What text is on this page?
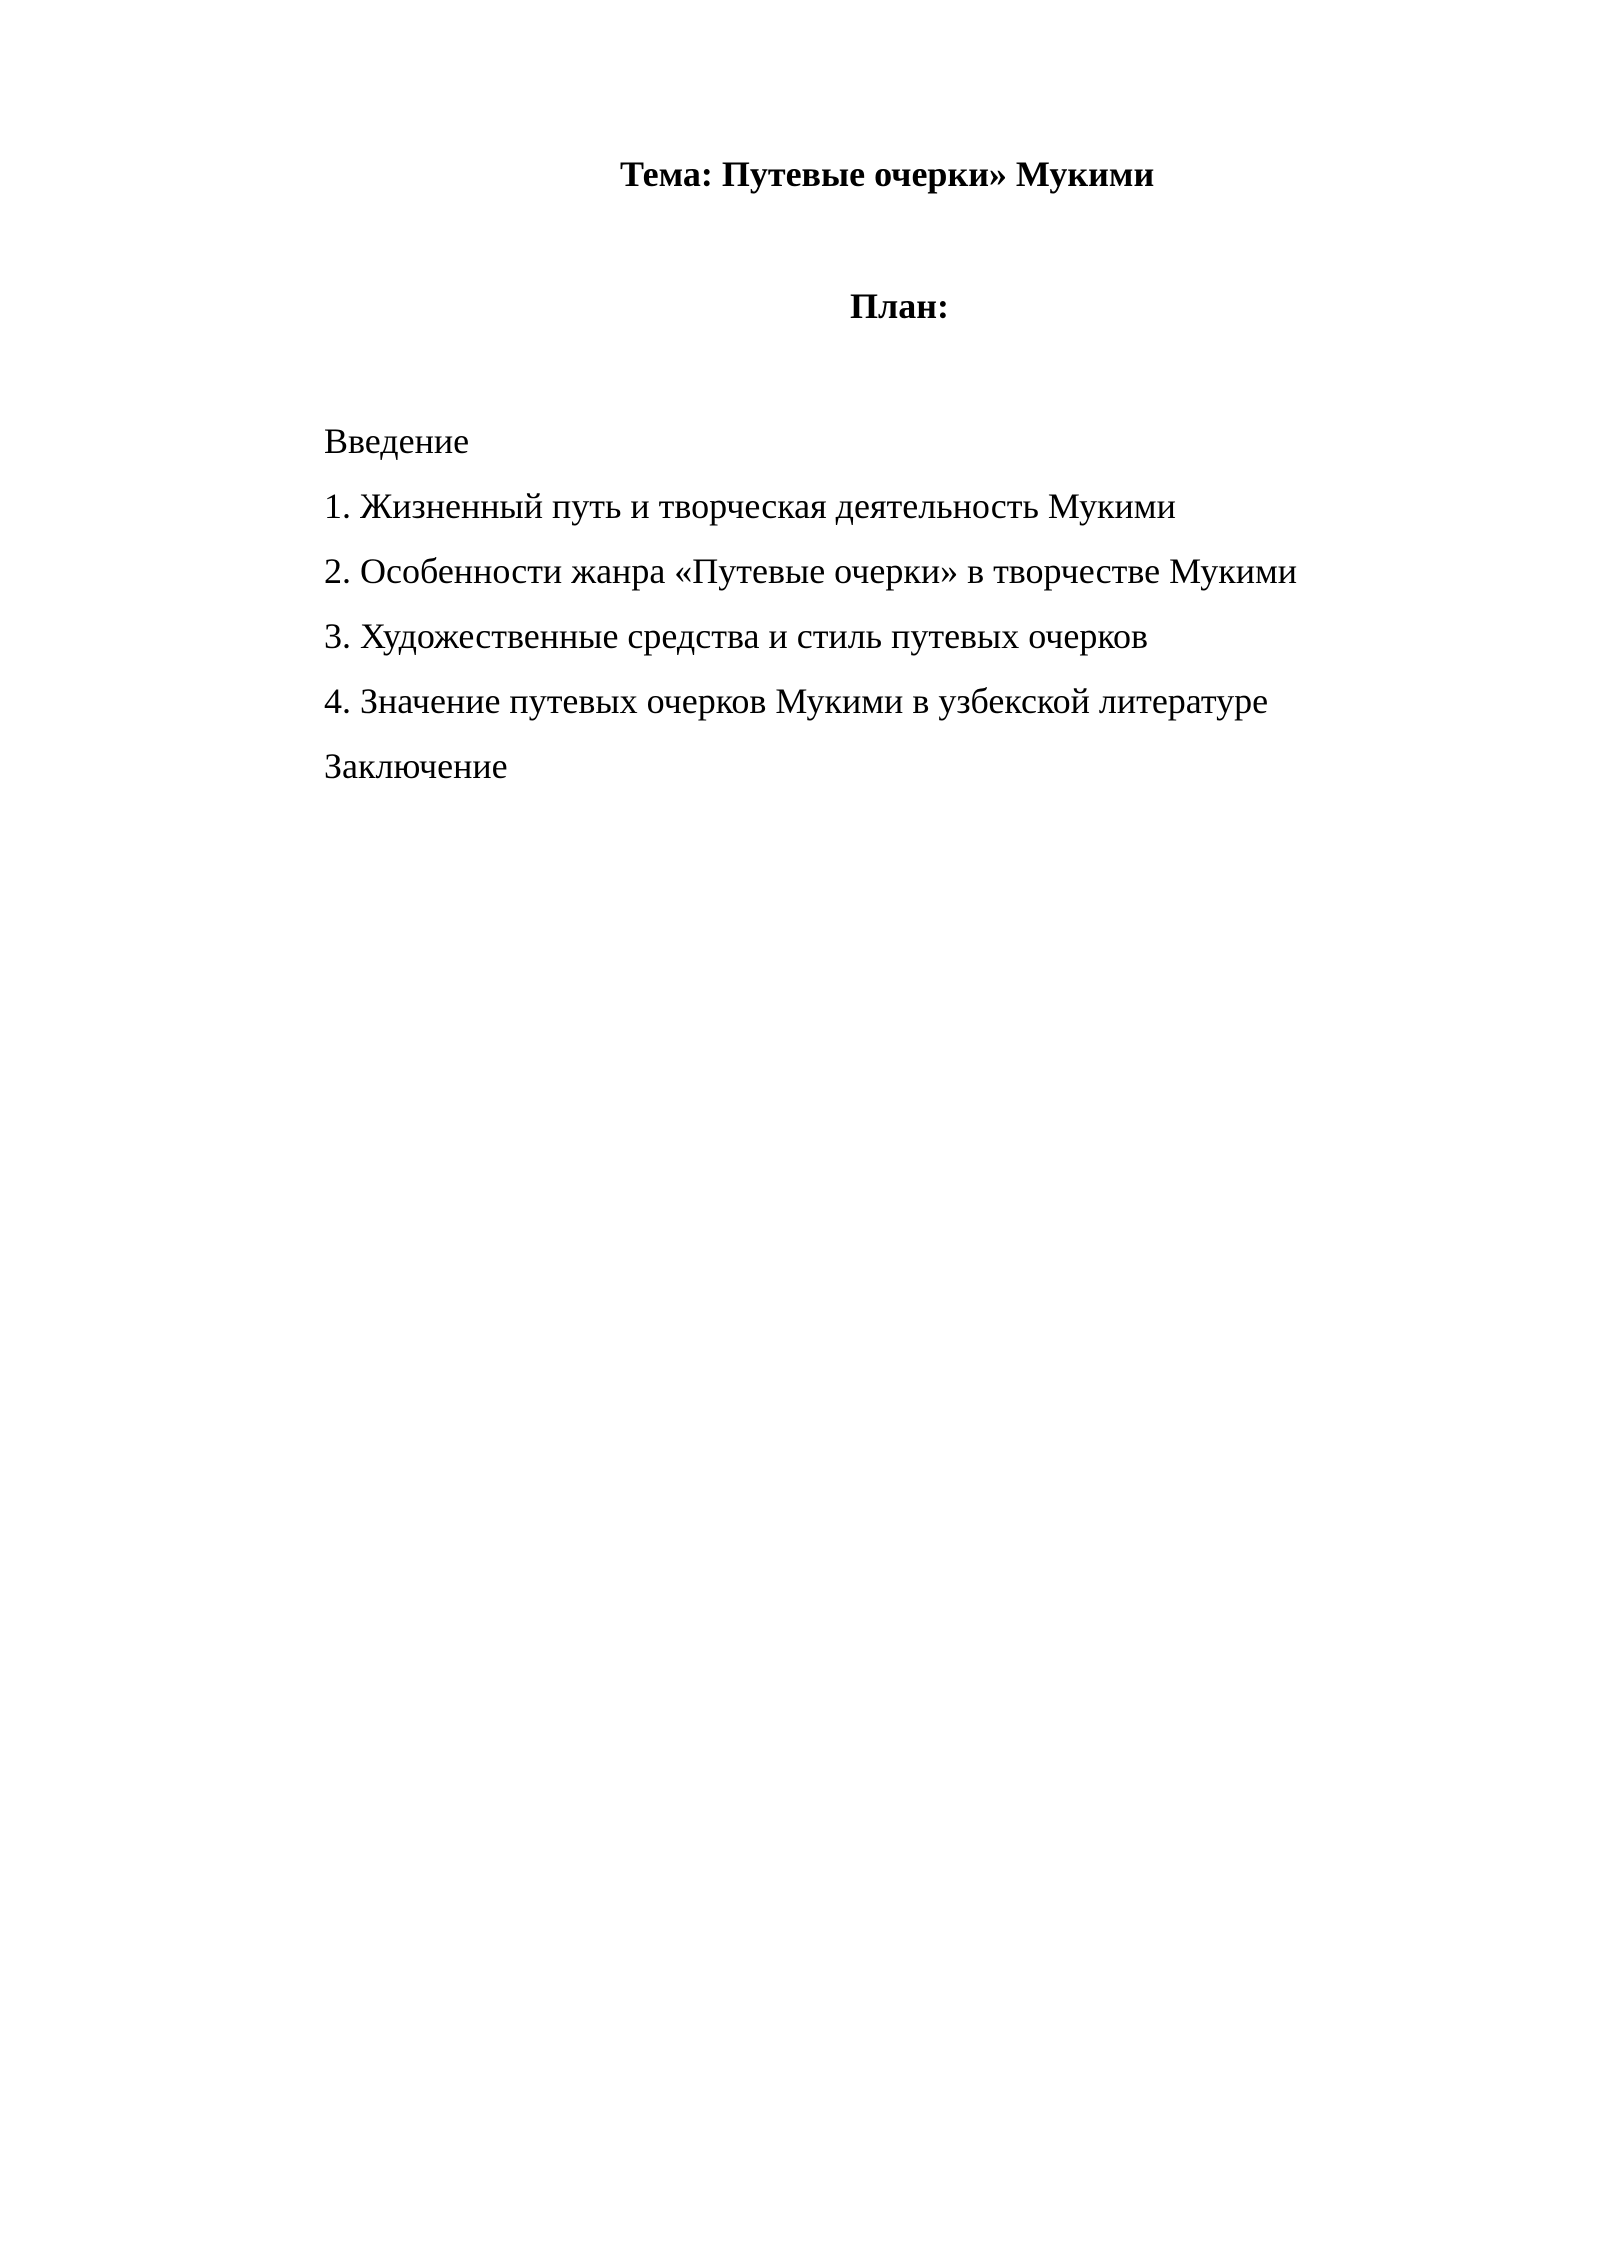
Тема: Путевые очерки» Мукими
План:
Введение
1. Жизненный путь и творческая деятельность Мукими
2. Особенности жанра «Путевые очерки» в творчестве Мукими
3. Художественные средства и стиль путевых очерков
4. Значение путевых очерков Мукими в узбекской литературе
Заключение
